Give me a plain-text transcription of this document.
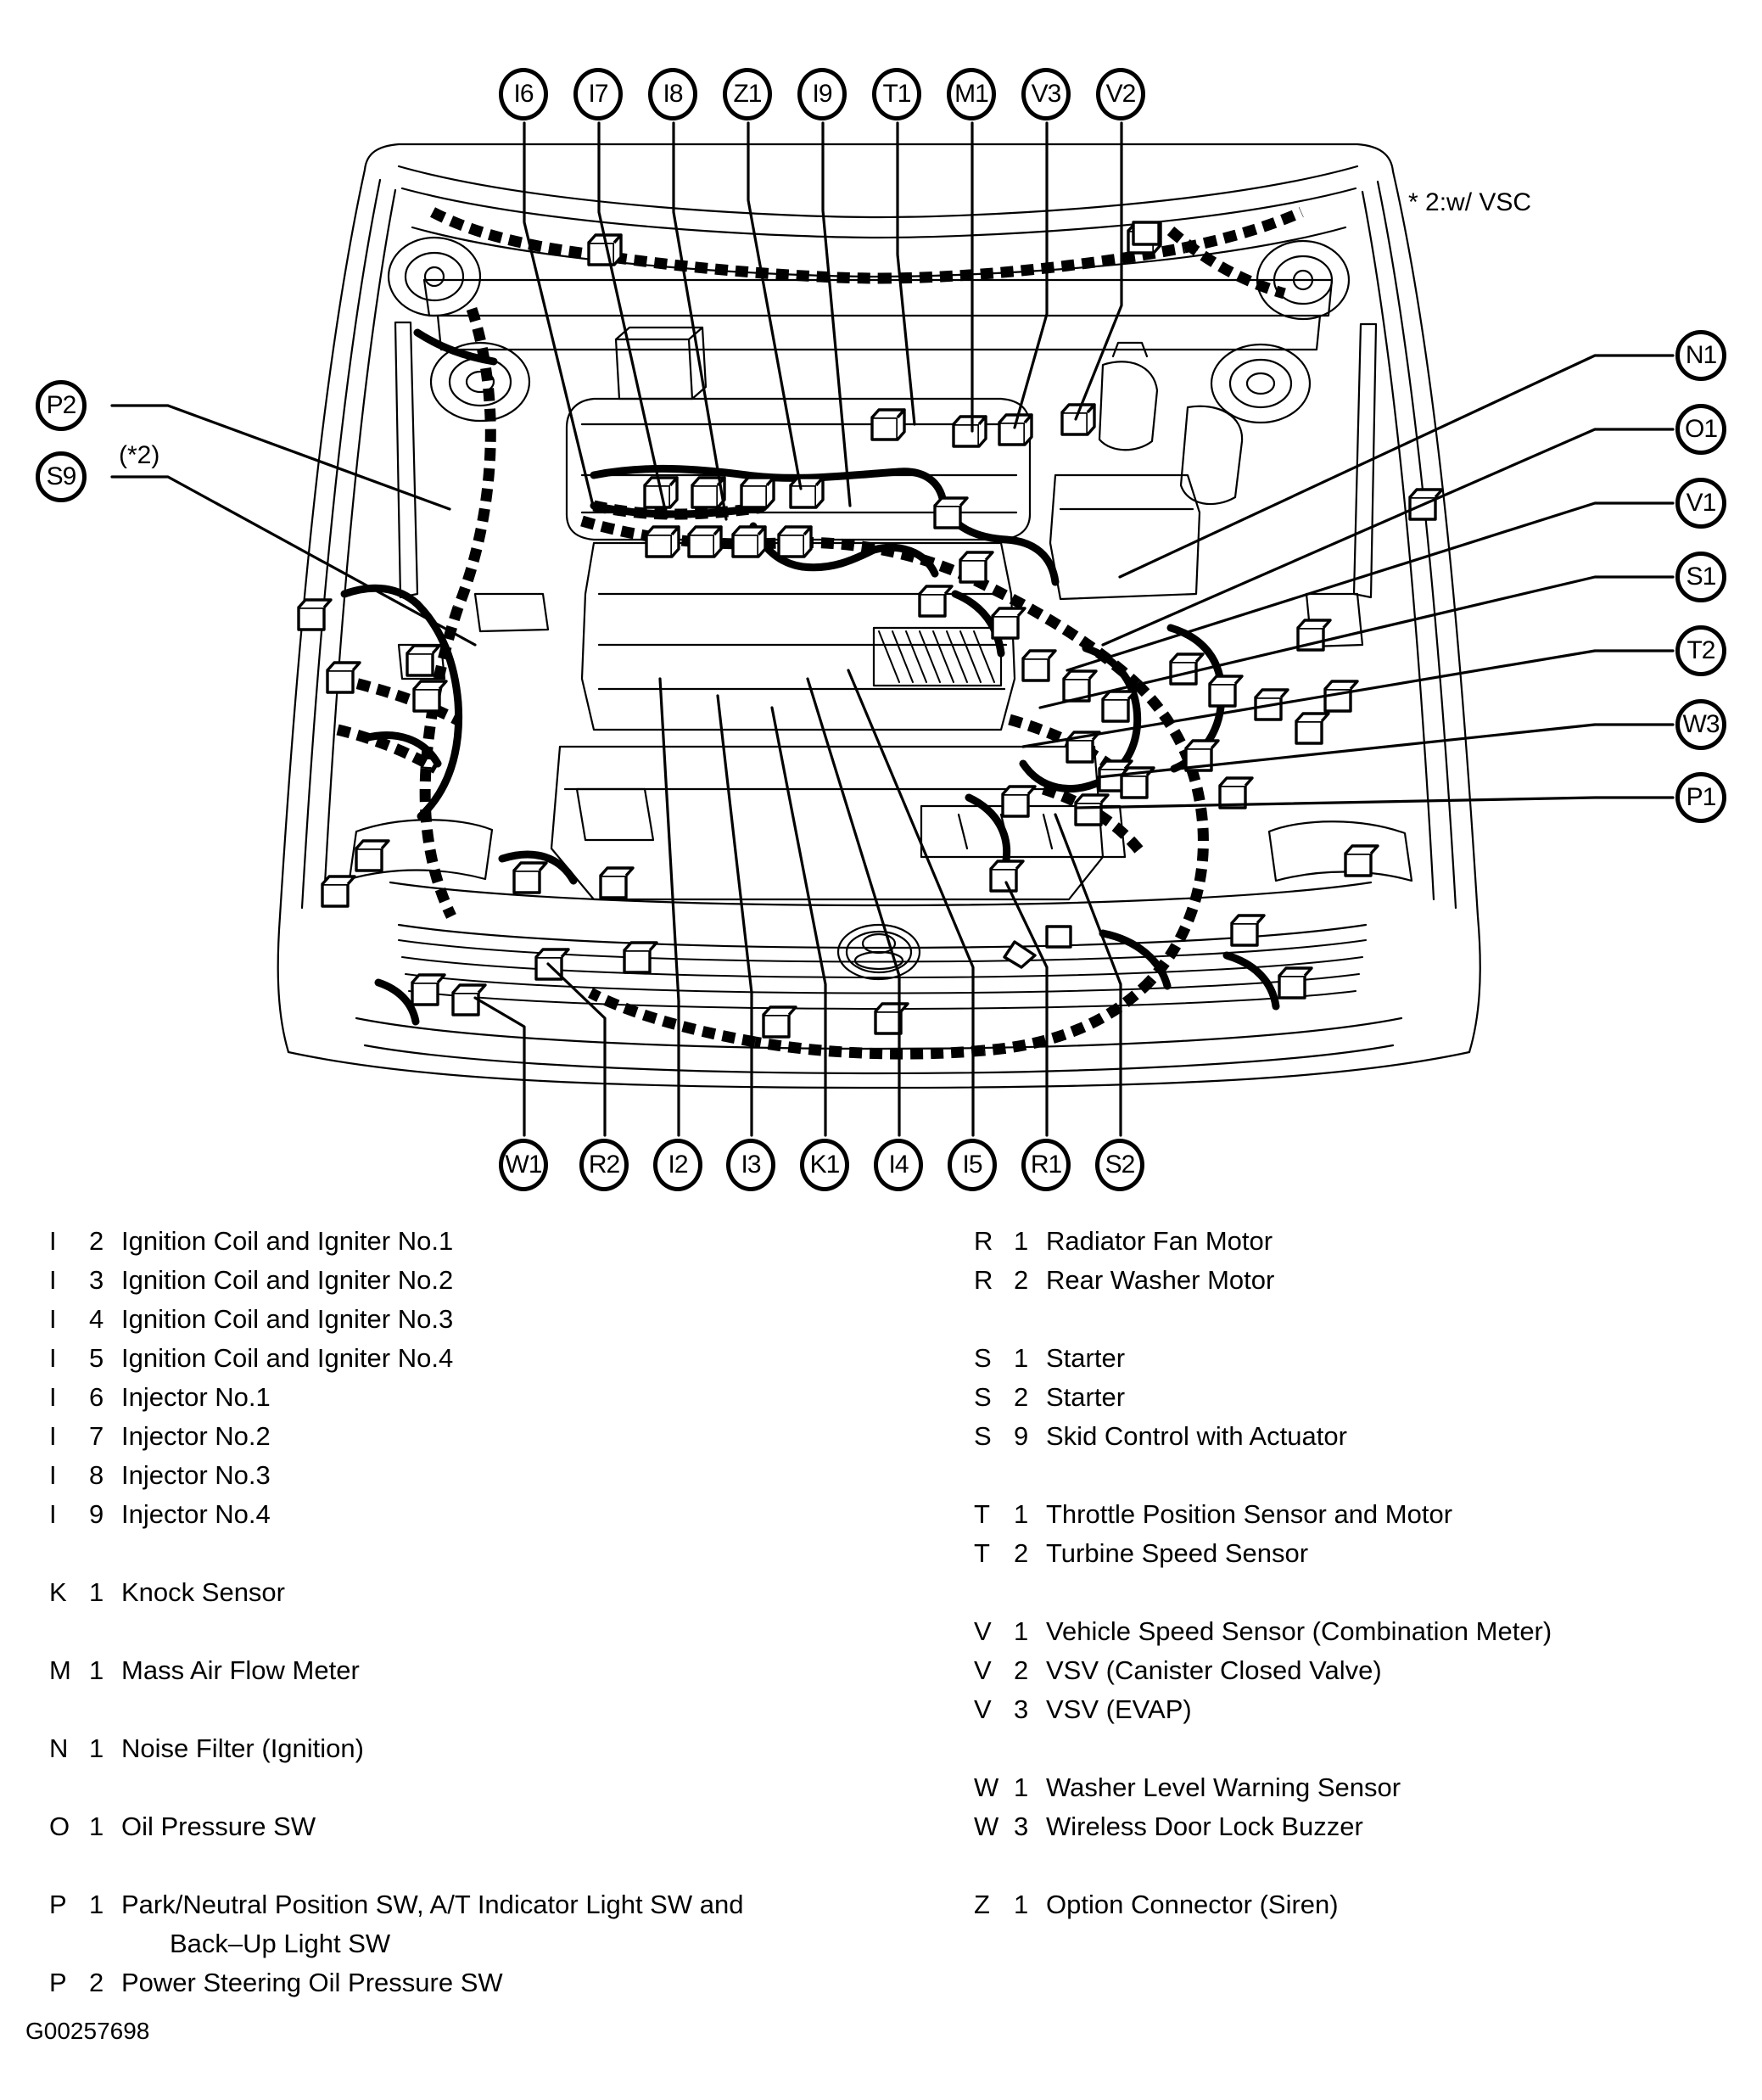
I6	I7	I8	Z1	I9	T1	M1	V3	V2
W1	R2	I2	I3	K1	I4	I5	R1	S2
P2
S9
(*2)
N1
O1
V1
S1
T2
W3
P1
* 2:w/ VSC
I	2 Ignition Coil and Igniter No.1
I	3 Ignition Coil and Igniter No.2
I	4 Ignition Coil and Igniter No.3
I	5 Ignition Coil and Igniter No.4
I	6 Injector No.1
I	7 Injector No.2
I	8 Injector No.3
I	9 Injector No.4
K 1 Knock Sensor
M 1 Mass Air Flow Meter
N 1 Noise Filter (Ignition)
O 1 Oil Pressure SW
P 1 Park/Neutral Position SW, A/T Indicator Light SW and
Back–Up Light SW
P 2 Power Steering Oil Pressure SW
R 1 Radiator Fan Motor
R 2 Rear Washer Motor
S 1 Starter
S 2 Starter
S 9 Skid Control with Actuator
T 1 Throttle Position Sensor and Motor
T 2 Turbine Speed Sensor
V 1 Vehicle Speed Sensor (Combination Meter)
V 2 VSV (Canister Closed Valve)
V 3 VSV (EVAP)
W 1 Washer Level Warning Sensor
W 3 Wireless Door Lock Buzzer
Z 1 Option Connector (Siren)
G00257698
